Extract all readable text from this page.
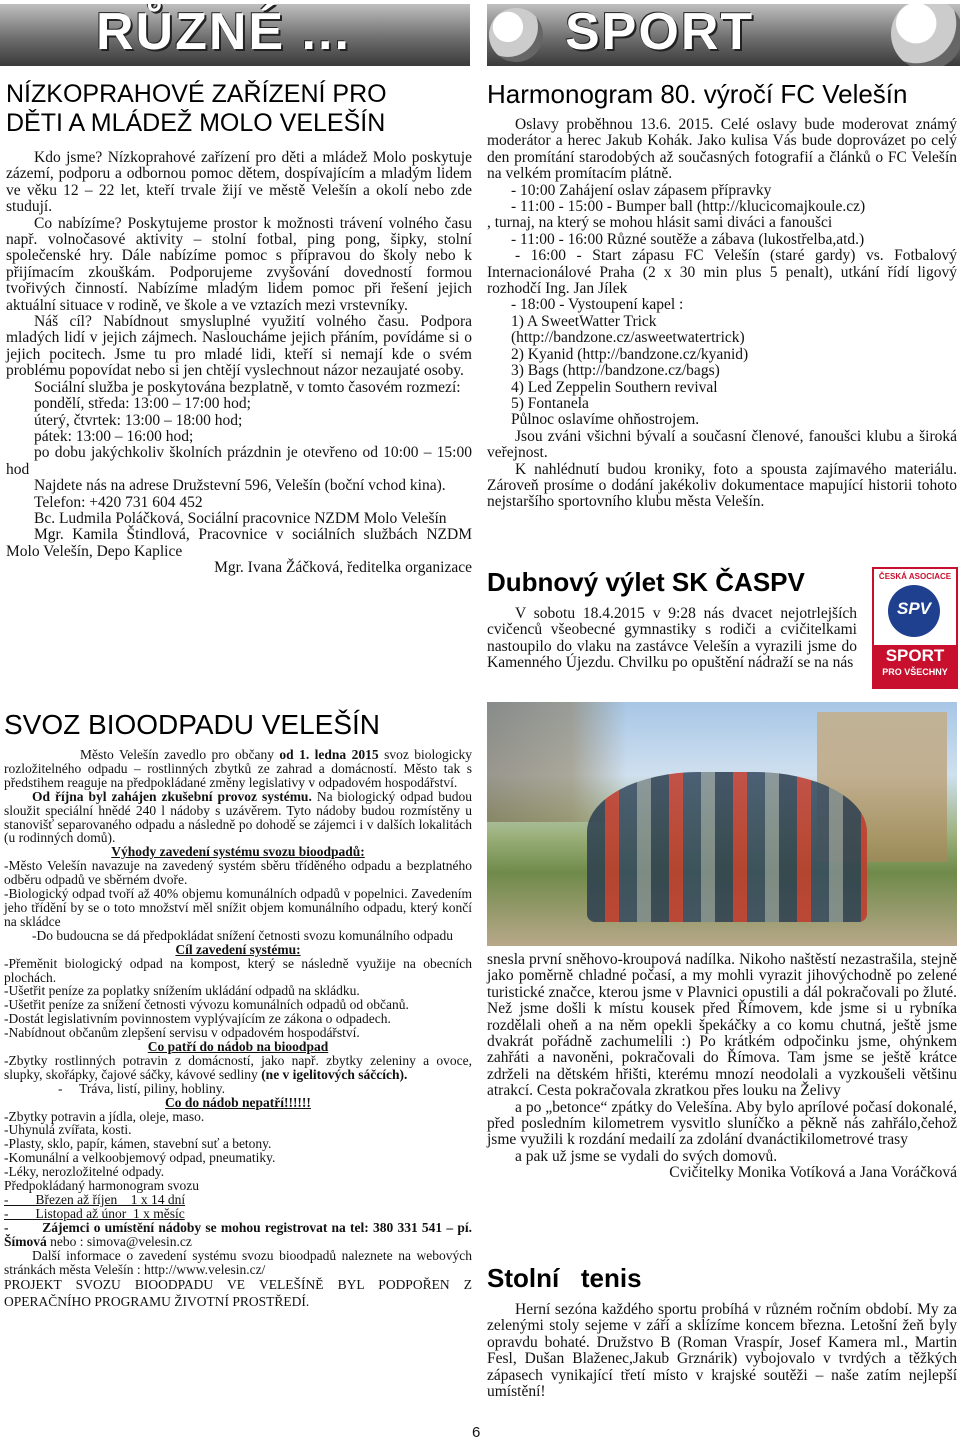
RŮZNÉ ...	SPORT
NÍZKOPRAHOVÉ ZAŘÍZENÍ PRO
DĚTI A MLÁDEŽ MOLO VELEŠÍN

Kdo jsme? Nízkoprahové zařízení pro děti a mládež Molo poskytuje zázemí, podporu a odbornou pomoc dětem, dospívajícím a mladým lidem ve věku 12 – 22 let, kteří trvale žijí ve městě Velešín a okolí nebo zde studují.

Co nabízíme? Poskytujeme prostor k možnosti trávení volného času např. volnočasové aktivity – stolní fotbal, ping pong, šipky, stolní společenské hry. Dále nabízíme pomoc s přípravou do školy nebo k přijímacím zkouškám. Podporujeme zvyšování dovedností formou tvořivých činností. Nabízíme mladým lidem pomoc při řešení jejich aktuální situace v rodině, ve škole a ve vztazích mezi vrstevníky.

Náš cíl? Nabídnout smysluplné využití volného času. Podpora mladých lidí v jejich zájmech. Nasloucháme jejich přáním, povídáme si o jejich pocitech. Jsme tu pro mladé lidi, kteří si nemají kde o svém problému popovídat nebo si jen chtějí vyslechnout názor nezaujaté osoby.

Sociální služba je poskytována bezplatně, v tomto časovém rozmezí:

pondělí, středa: 13:00 – 17:00 hod;

úterý, čtvrtek: 13:00 – 18:00 hod;

pátek: 13:00 – 16:00 hod;

po dobu jakýchkoliv školních prázdnin je otevřeno od 10:00 – 15:00 hod

Najdete nás na adrese Družstevní 596, Velešín (boční vchod kina).

Telefon: +420 731 604 452

Bc. Ludmila Poláčková, Sociální pracovnice NZDM Molo Velešín

Mgr. Kamila Štindlová, Pracovnice v sociálních službách NZDM Molo Velešín, Depo Kaplice

Mgr. Ivana Žáčková, ředitelka organizace

SVOZ BIOODPADU VELEŠÍN

Město Velešín zavedlo pro občany od 1. ledna 2015 svoz biologicky rozložitelného odpadu – rostlinných zbytků ze zahrad a domácností. Město tak s předstihem reaguje na předpokládané změny legislativy v odpadovém hospodářství.

Od října byl zahájen zkušební provoz systému. Na biologický odpad budou sloužit speciální hnědé 240 l nádoby s uzávěrem. Tyto nádoby budou rozmístěny u stanovišť separovaného odpadu a následně po dohodě se zájemci i v dalších lokalitách (u rodinných domů).

Výhody zavedení systému svozu bioodpadů:

-Město Velešín navazuje na zavedený systém sběru tříděného odpadu a bezplatného odběru odpadů ve sběrném dvoře.

-Biologický odpad tvoří až 40% objemu komunálních odpadů v popelnici. Zavedením jeho třídění by se o toto množství měl snížit objem komunálního odpadu, který končí na skládce

-Do budoucna se dá předpokládat snížení četnosti svozu komunálního odpadu

Cíl zavedení systému:

-Přeměnit biologický odpad na kompost, který se následně využije na obecních plochách.

-Ušetřit peníze za poplatky snížením ukládání odpadů na skládku.

-Ušetřit peníze za snížení četnosti vývozu komunálních odpadů od občanů.

-Dostát legislativním povinnostem vyplývajícím ze zákona o odpadech.

-Nabídnout občanům zlepšení servisu v odpadovém hospodářství.

Co patří do nádob na bioodpad

-Zbytky rostlinných potravin z domácností, jako např. zbytky zeleniny a ovoce, slupky, skořápky, čajové sáčky, kávové sedliny (ne v igelitových sáčcích).

-     Tráva, listí, piliny, hobliny.

Co do nádob nepatří!!!!!!

-Zbytky potravin a jídla, oleje, maso.

-Uhynulá zvířata, kosti.

-Plasty, sklo, papír, kámen, stavební suť a betony.

-Komunální a velkoobjemový odpad, pneumatiky.

-Léky, nerozložitelné odpady.

Předpokládaný harmonogram svozu

-        Březen až říjen    1 x 14 dní

-        Listopad až únor  1 x měsíc

-        Zájemci o umístění nádoby se mohou registrovat na tel: 380 331 541 – pí. Šímová nebo : simova@velesin.cz

Další informace o zavedení systému svozu bioodpadů naleznete na webových stránkách města Velešín : http://www.velesin.cz/

PROJEKT SVOZU BIOODPADU VE VELEŠÍNĚ BYL PODPOŘEN Z OPERAČNÍHO PROGRAMU ŽIVOTNÍ PROSTŘEDÍ.

Harmonogram 80. výročí FC Velešín

Oslavy proběhnou 13.6. 2015. Celé oslavy bude moderovat známý moderátor a herec Jakub Kohák. Jako kulisa Vás bude doprovázet po celý den promítání starodobých až současných fotografií a článků o FC Velešín na velkém promítacím plátně.

- 10:00 Zahájení oslav zápasem přípravky

- 11:00 - 15:00 - Bumper ball (http://klucicomajkoule.cz)

, turnaj, na který se mohou hlásit sami diváci a fanoušci

- 11:00 - 16:00 Různé soutěže a zábava (lukostřelba,atd.)

- 16:00 - Start zápasu FC Velešín (staré gardy) vs. Fotbalový Internacionálové Praha (2 x 30 min plus 5 penalt), utkání řídí ligový rozhodčí Ing. Jan Jílek

- 18:00 - Vystoupení kapel :

1) A SweetWatter Trick

(http://bandzone.cz/asweetwatertrick)

2) Kyanid (http://bandzone.cz/kyanid)

3) Bags (http://bandzone.cz/bags)

4) Led Zeppelin Southern revival

5) Fontanela

Půlnoc oslavíme ohňostrojem.

Jsou zváni všichni bývalí a současní členové, fanoušci klubu a široká veřejnost.

K nahlédnutí budou kroniky, foto a spousta zajímavého materiálu. Zároveň prosíme o dodání jakékoliv dokumentace mapující historii tohoto nejstaršího sportovního klubu města Velešín.

Dubnový výlet SK ČASPV

V sobotu 18.4.2015 v 9:28 nás dvacet nejotrlejších cvičenců všeobecné gymnastiky s rodiči a cvičitelkami nastoupilo do vlaku na zastávce Velešín a vyrazili jsme do Kamenného Újezdu. Chvilku po opuštění nádraží se na nás

ČESKÁ ASOCIACE
SPV
SPORT
PRO VŠECHNY

snesla první sněhovo-kroupová nadílka. Nikoho naštěstí nezastrašila, stejně jako poměrně chladné počasí, a my mohli vyrazit jihovýchodně po zelené turistické značce, kterou jsme v Plavnici opustili a dál pokračovali po žluté. Než jsme došli k místu kousek před Římovem, kde jsme si u rybníka rozdělali oheň a na něm opekli špekáčky a co komu chutná, ještě jsme dvakrát pořádně zachumelili :) Po krátkém odpočinku jsme, ohýnkem zahřáti a navoněni, pokračovali do Římova. Tam jsme se ještě krátce zdrželi na dětském hřišti, kterému mnozí neodolali a vyzkoušeli většinu atrakcí. Cesta pokračovala zkratkou přes louku na Želivy

a po „betonce“ zpátky do Velešína. Aby bylo aprílové počasí dokonalé, před posledním kilometrem vysvitlo sluníčko a pěkně nás zahřálo,čehož jsme využili k rozdání medailí za zdolání dvanáctikilometrové trasy

a pak už jsme se vydali do svých domovů.

Cvičitelky Monika Votíková a Jana Voráčková

Stolní   tenis

Herní sezóna každého sportu probíhá v různém ročním období. My za zelenými stoly sejeme v září a sklízíme koncem března. Letošní žeň byly opravdu bohaté. Družstvo B (Roman Vraspír, Josef Kamera ml., Martin Fesl, Dušan Blaženec,Jakub Grznárik) vybojovalo v tvrdých a těžkých zápasech vynikající třetí místo v krajské soutěži – naše zatím nejlepší umístění!

6
